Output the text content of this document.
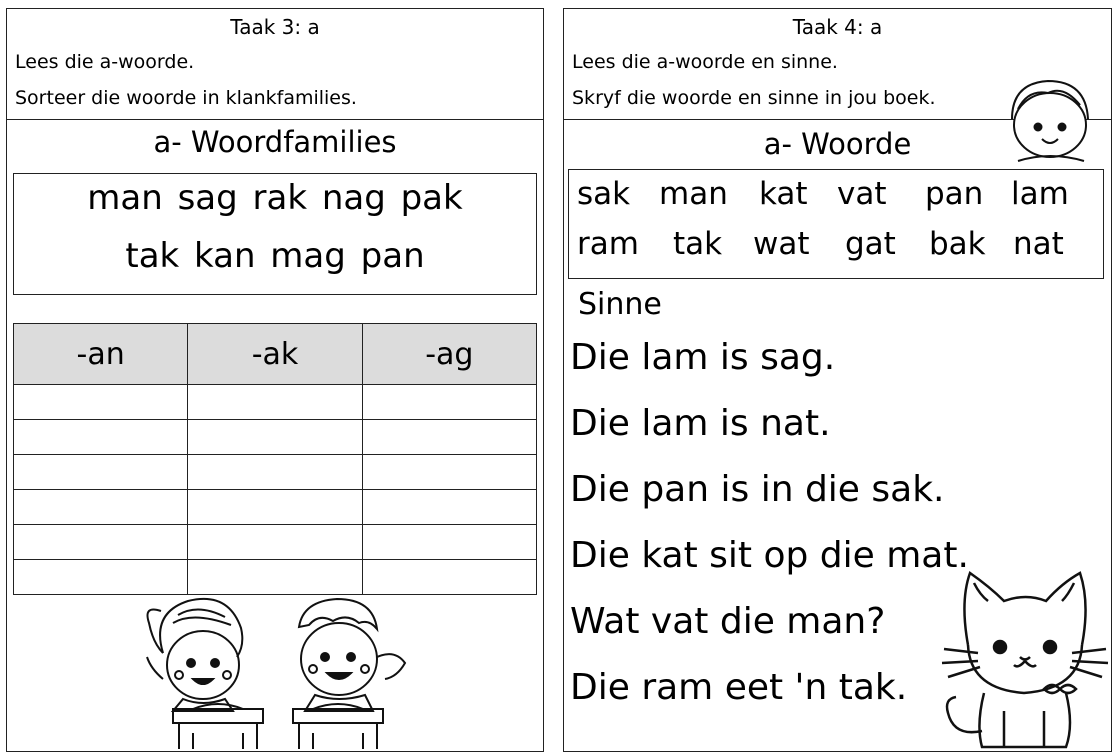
Taak 3: a
Lees die a-woorde.
Sorteer die woorde in klankfamilies.
a- Woordfamilies
man sag rak nag pak
tak kan mag pan
-an	-ak	-ag

Taak 4: a
Lees die a-woorde en sinne.
Skryf die woorde en sinne in jou boek.
a- Woorde
sak man kat vat pan lam
ram tak wat gat bak nat
Sinne
Die lam is sag.
Die lam is nat.
Die pan is in die sak.
Die kat sit op die mat.
Wat vat die man?
Die ram eet 'n tak.
